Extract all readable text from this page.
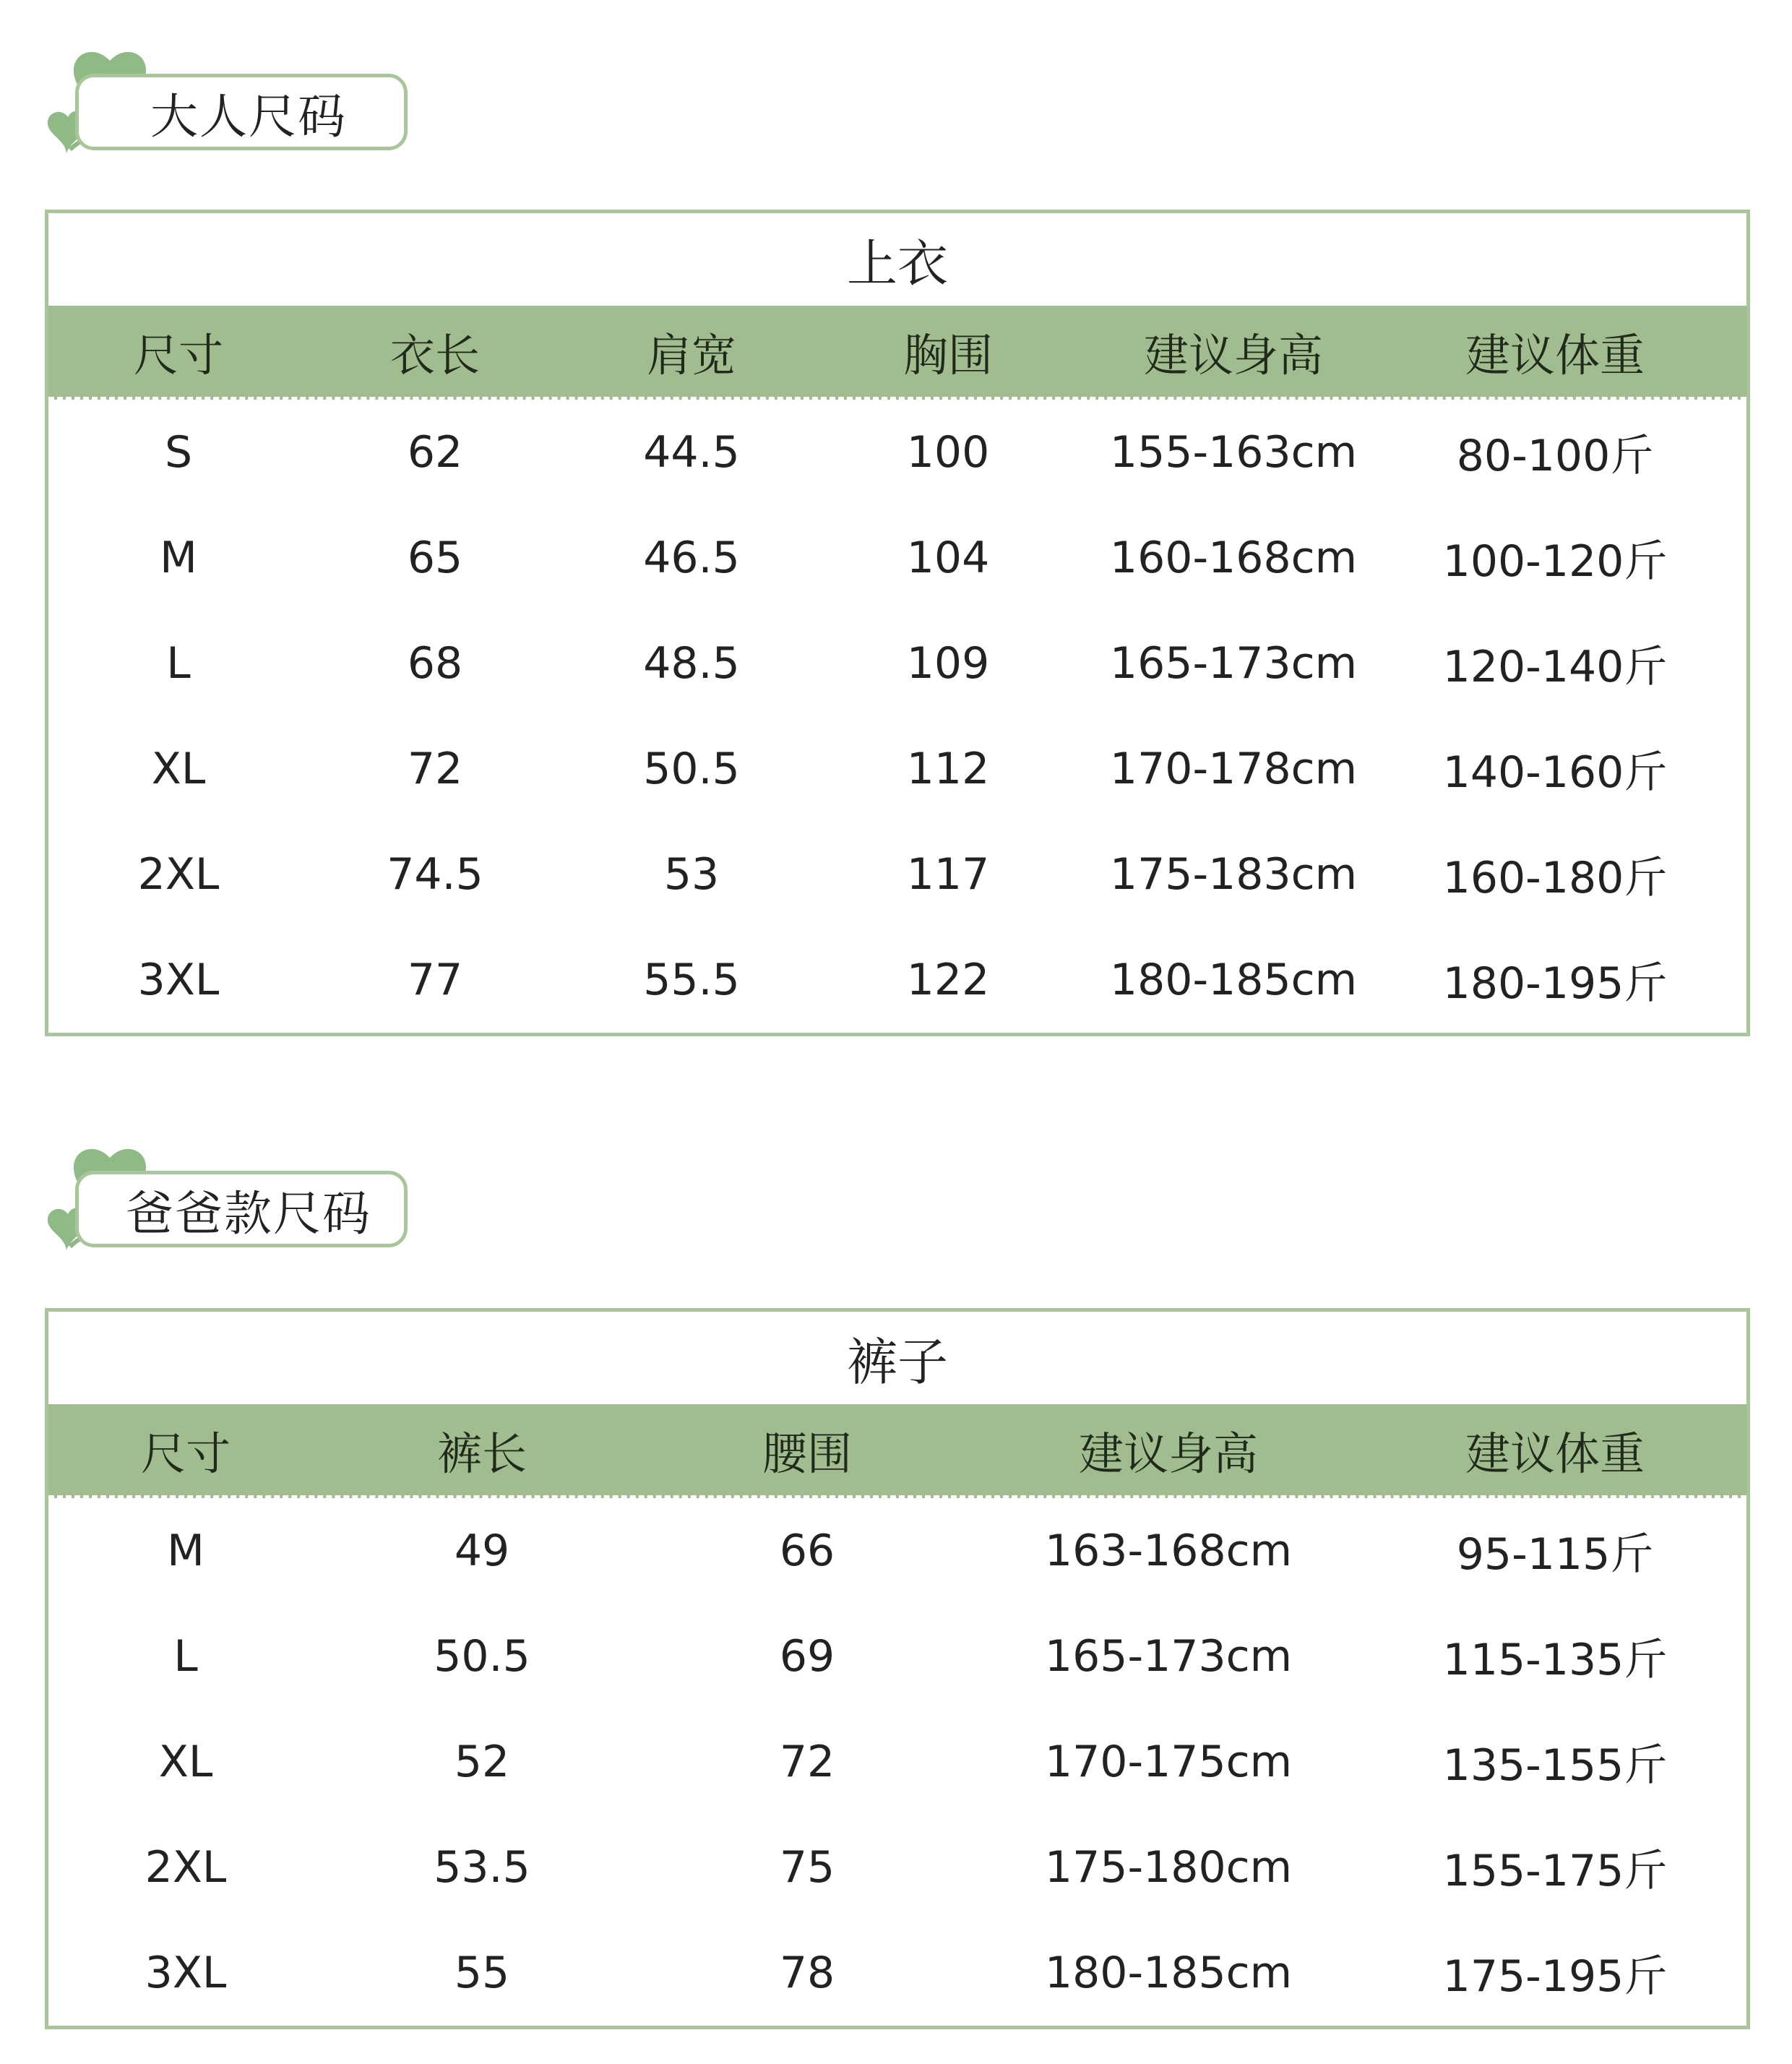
大人尺码
上衣
尺寸	衣长	肩宽	胸围	建议身高	建议体重
S	62	44.5	100	155-163cm	80-100斤
M	65	46.5	104	160-168cm	100-120斤
L	68	48.5	109	165-173cm	120-140斤
XL	72	50.5	112	170-178cm	140-160斤
2XL	74.5	53	117	175-183cm	160-180斤
3XL	77	55.5	122	180-185cm	180-195斤
爸爸款尺码
裤子
尺寸	裤长	腰围	建议身高	建议体重
M	49	66	163-168cm	95-115斤
L	50.5	69	165-173cm	115-135斤
XL	52	72	170-175cm	135-155斤
2XL	53.5	75	175-180cm	155-175斤
3XL	55	78	180-185cm	175-195斤
